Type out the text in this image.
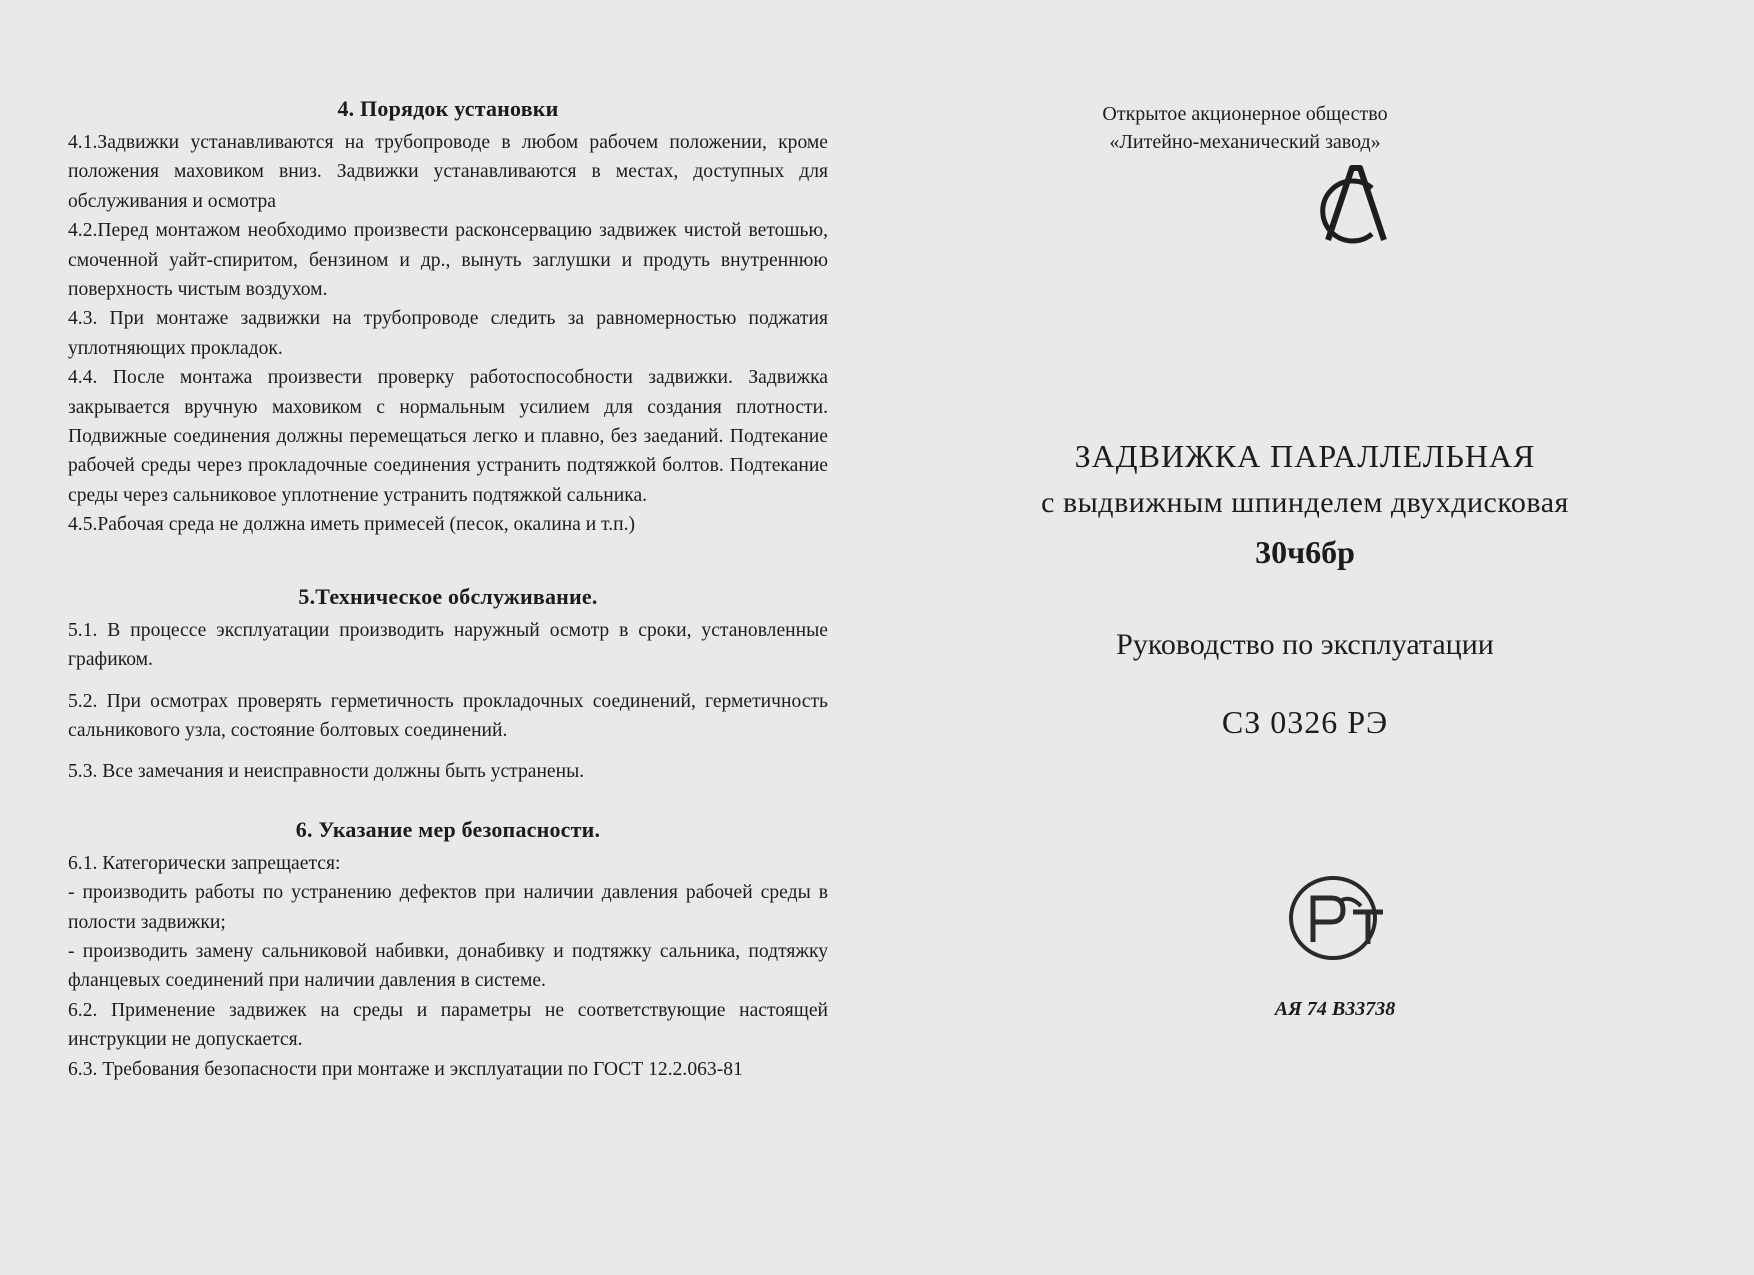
4. Порядок установки

4.1.Задвижки устанавливаются на трубопроводе в любом рабочем положении, кроме положения маховиком вниз. Задвижки устанавливаются в местах, доступных для обслуживания и осмотра

4.2.Перед монтажом необходимо произвести расконсервацию задвижек чистой ветошью, смоченной уайт-спиритом, бензином и др., вынуть заглушки и продуть внутреннюю поверхность чистым воздухом.

4.3. При монтаже задвижки на трубопроводе следить за равномерностью поджатия уплотняющих прокладок.

4.4. После монтажа произвести проверку работоспособности задвижки. Задвижка закрывается вручную маховиком с нормальным усилием для создания плотности. Подвижные соединения должны перемещаться легко и плавно, без заеданий. Подтекание рабочей среды через прокладочные соединения устранить подтяжкой болтов. Подтекание среды через сальниковое уплотнение устранить подтяжкой сальника.

4.5.Рабочая среда не должна иметь примесей (песок, окалина и т.п.)

5.Техническое обслуживание.

5.1. В процессе эксплуатации производить наружный осмотр в сроки, установленные графиком.

5.2. При осмотрах проверять герметичность прокладочных соединений, герметичность сальникового узла, состояние болтовых соединений.

5.3. Все замечания и неисправности должны быть устранены.

6. Указание мер безопасности.

6.1. Категорически запрещается:

- производить работы по устранению дефектов при наличии давления рабочей среды в полости задвижки;

- производить замену сальниковой набивки, донабивку и подтяжку сальника, подтяжку фланцевых соединений при наличии давления в системе.

6.2. Применение задвижек на среды и параметры не соответствующие настоящей инструкции не допускается.

6.3. Требования безопасности при монтаже и эксплуатации по ГОСТ 12.2.063-81

Открытое акционерное общество
«Литейно-механический завод»
ЗАДВИЖКА ПАРАЛЛЕЛЬНАЯ
с выдвижным шпинделем двухдисковая
30ч6бр
Руководство по эксплуатации
СЗ 0326 РЭ
АЯ 74 В33738
